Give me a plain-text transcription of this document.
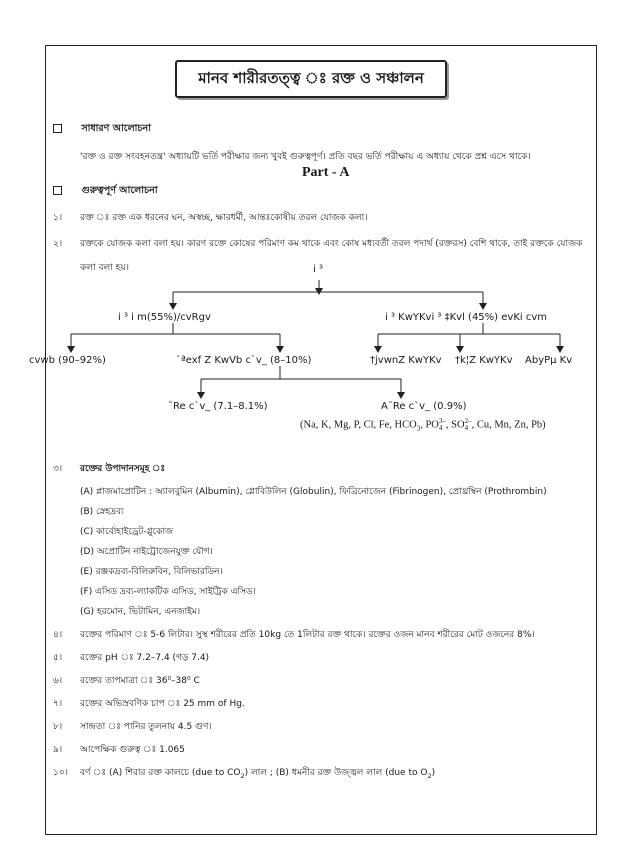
মানব শারীরতত্ত্ব ঃ রক্ত ও সঞ্চালন
সাধারণ আলোচনা
'রক্ত ও রক্ত সংবহনতন্ত্র' অধ্যায়টি ভর্তি পরীক্ষার জন্য খুবই গুরুত্বপূর্ণ। প্রতি বছর ভর্তি পরীক্ষায় এ অধ্যায় থেকে প্রশ্ন এসে থাকে।
Part - A
গুরুত্বপূর্ণ আলোচনা
১। রক্ত ঃ রক্ত এক ধরনের ঘন, অস্বচ্ছ, ক্ষারধর্মী, আন্তঃকোষীয় তরল যোজক কলা।
২। রক্তকে যোজক কলা বলা হয়। কারণ রক্তে কোষের পরিমাণ কম থাকে এবং কোষ মধ্যবর্তী তরল পদার্থ (রক্তরস) বেশি থাকে, তাই রক্তকে যোজক
কলা বলা হয়।	i ³
i ³ i m(55%)/cvRgv	i ³ KwYKvi ³ ‡Kvl (45%) evKi cvm
cvwb (90–92%)	`ªexf Z KwVb c`v_ (8–10%)	†jvwnZ KwYKv †k¦Z KwYKv AbyPµ Kv
˜Re c`v_ (7.1–8.1%)	A˜Re c`v_ (0.9%)
(Na, K, Mg, P, Cl, Fe, $HCO_3$, PO3–
4 , SO2–
4 , Cu, Mn, Zn, Pb)
৩। রক্তের উপাদানসমূহ ঃ
(A) প্লাজমাপ্রোটিন : অ্যালবুমিন (Albumin), গ্লোবিউলিন (Globulin), ফিব্রিনোজেন (Fibrinogen), প্রোথ্রম্বিন (Prothrombin)
(B) স্নেহদ্রব্য
(C) কার্বোহাইড্রেট-গ্লুকোজ
(D) অপ্রোটিন নাইট্রোজেনযুক্ত যৌগ।
(E) রঞ্জকদ্রব্য-বিলিরুবিন, বিলিভারডিন।
(F) এসিড দ্রব্য-ল্যাকটিক এসিড, সাইট্রিক এসিড।
(G) হরমোন, ভিটামিন, এনজাইম।
৪। রক্তের পরিমাণ ঃ 5-6 লিটার। সুস্থ শরীরের প্রতি 10kg তে 1লিটার রক্ত থাকে। রক্তের ওজন মানব শরীরের মোট ওজনের 8%।
৫। রক্তের pH ঃ 7.2–7.4 (গড় 7.4)
৬। রক্তের তাপমাত্রা ঃ 36⁰–38⁰ C
৭। রক্তের অভিস্রবণিক চাপ ঃ 25 mm of Hg.
৮। সান্দ্রতা ঃ পানির তুলনায় 4.5 গুণ।
৯। আপেক্ষিক গুরুত্ব ঃ 1.065
১০। বর্ণ ঃ (A) শিরার রক্ত কালচে (due to $CO_2$) লাল ; (B) ধমনীর রক্ত উজ্জ্বল লাল (due to $O_2$)
